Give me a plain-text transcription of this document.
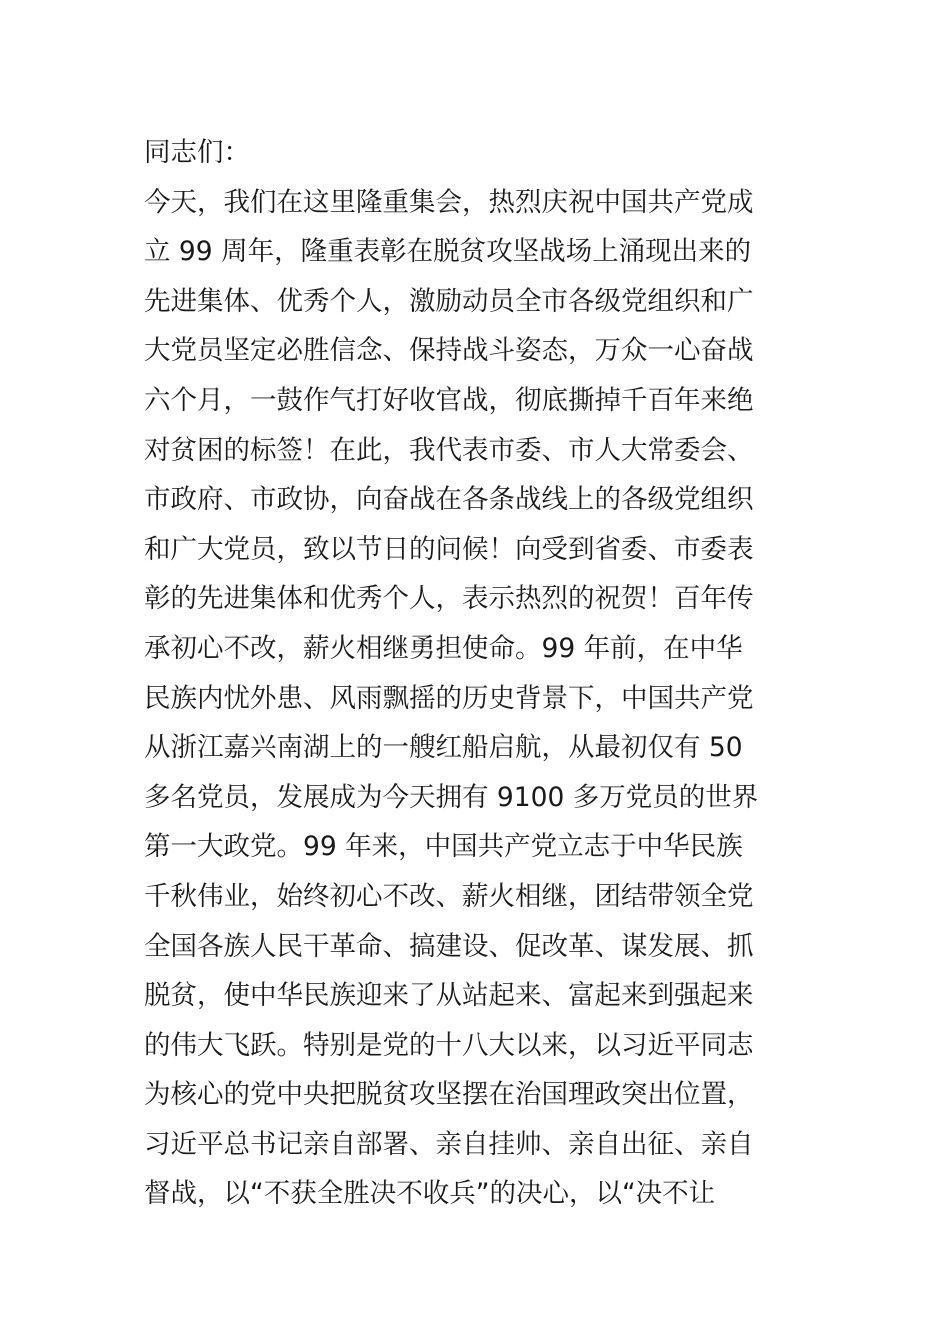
同志们：
今天，我们在这里隆重集会，热烈庆祝中国共产党成
立 99 周年，隆重表彰在脱贫攻坚战场上涌现出来的
先进集体、优秀个人，激励动员全市各级党组织和广
大党员坚定必胜信念、保持战斗姿态，万众一心奋战
六个月，一鼓作气打好收官战，彻底撕掉千百年来绝
对贫困的标签！在此，我代表市委、市人大常委会、
市政府、市政协，向奋战在各条战线上的各级党组织
和广大党员，致以节日的问候！向受到省委、市委表
彰的先进集体和优秀个人，表示热烈的祝贺！百年传
承初心不改，薪火相继勇担使命。99 年前，在中华
民族内忧外患、风雨飘摇的历史背景下，中国共产党
从浙江嘉兴南湖上的一艘红船启航，从最初仅有 50
多名党员，发展成为今天拥有 9100 多万党员的世界
第一大政党。99 年来，中国共产党立志于中华民族
千秋伟业，始终初心不改、薪火相继，团结带领全党
全国各族人民干革命、搞建设、促改革、谋发展、抓
脱贫，使中华民族迎来了从站起来、富起来到强起来
的伟大飞跃。特别是党的十八大以来，以习近平同志
为核心的党中央把脱贫攻坚摆在治国理政突出位置，
习近平总书记亲自部署、亲自挂帅、亲自出征、亲自
督战，以“不获全胜决不收兵”的决心，以“决不让
